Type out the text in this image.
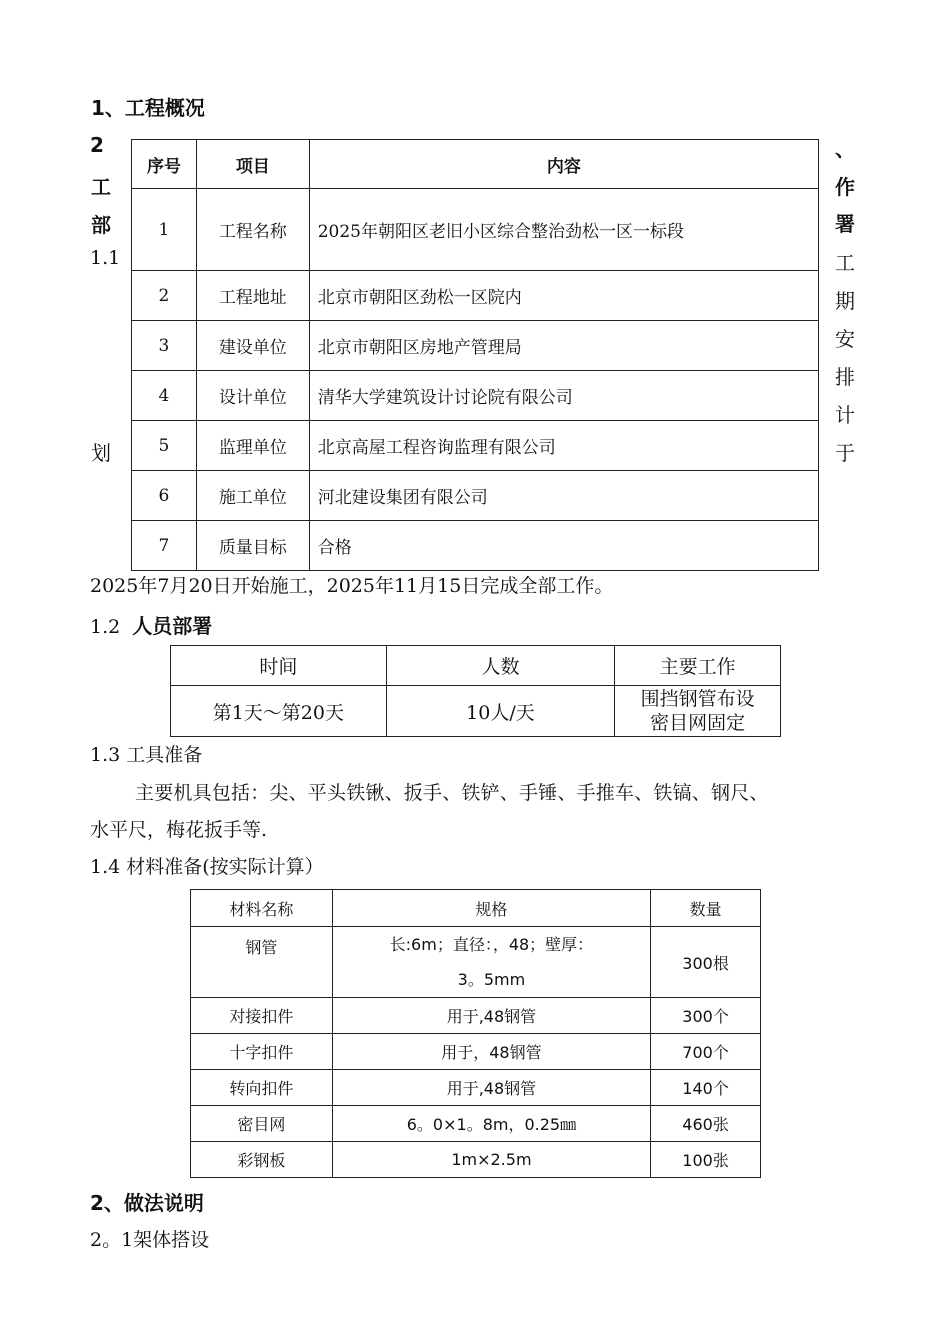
1、工程概况
2
工
部
1.1
划
、
作
署
工
期
安
排
计
于
序号	项目	内容
1	工程名称	2025年朝阳区老旧小区综合整治劲松一区一标段
2	工程地址	北京市朝阳区劲松一区院内
3	建设单位	北京市朝阳区房地产管理局
4	设计单位	清华大学建筑设计讨论院有限公司
5	监理单位	北京高屋工程咨询监理有限公司
6	施工单位	河北建设集团有限公司
7	质量目标	合格
2025年7月20日开始施工，2025年11月15日完成全部工作。
1.2 人员部署
时间	人数	主要工作
第1天～第20天	10人/天	围挡钢管布设
密目网固定
1.3 工具准备
主要机具包括：尖、平头铁锹、扳手、铁铲、手锤、手推车、铁镐、钢尺、
水平尺，梅花扳手等.
1.4 材料准备(按实际计算）
材料名称	规格	数量
钢管	长:6m；直径：，48；壁厚：
3。5mm	300根
对接扣件	用于,48钢管	300个
十字扣件	用于，48钢管	700个
转向扣件	用于,48钢管	140个
密目网	6。0×1。8m，0.25㎜	460张
彩钢板	1m×2.5m	100张
2、做法说明
2。1架体搭设
